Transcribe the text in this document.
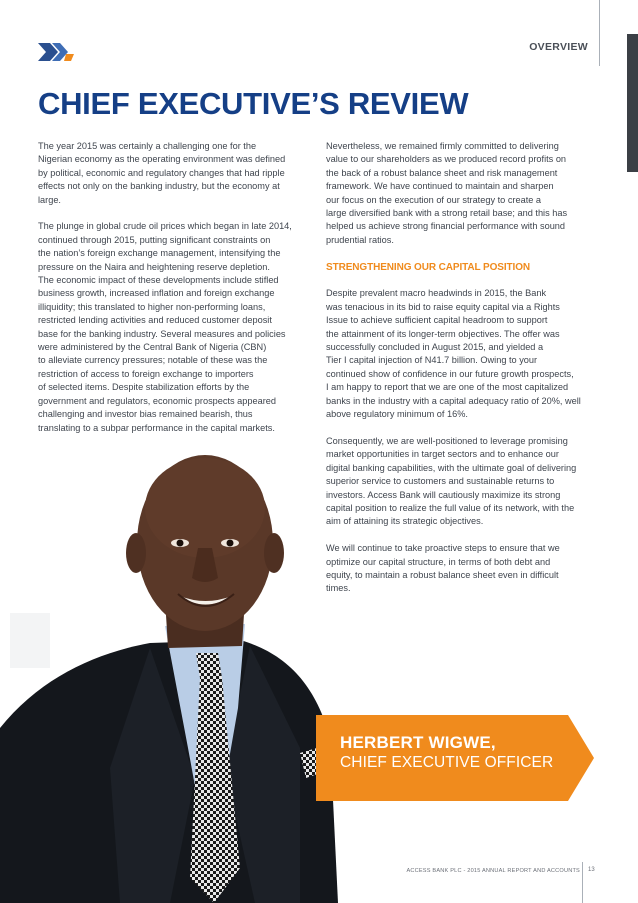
OVERVIEW
CHIEF EXECUTIVE’S REVIEW

The year 2015 was certainly a challenging one for the

Nigerian economy as the operating environment was defined

by political, economic and regulatory changes that had ripple

effects not only on the banking industry, but the economy at

large.

The plunge in global crude oil prices which began in late 2014,

continued through 2015, putting significant constraints on

the nation’s foreign exchange management, intensifying the

pressure on the Naira and heightening reserve depletion.

The economic impact of these developments include stifled

business growth, increased inflation and foreign exchange

illiquidity; this translated to higher non-performing loans,

restricted lending activities and reduced customer deposit

base for the banking industry. Several measures and policies

were administered by the Central Bank of Nigeria (CBN)

to alleviate currency pressures; notable of these was the

restriction of access to foreign exchange to importers

of selected items. Despite stabilization efforts by the

government and regulators, economic prospects appeared

challenging and investor bias remained bearish, thus

translating to a subpar performance in the capital markets.

Nevertheless, we remained firmly committed to delivering

value to our shareholders as we produced record profits on

the back of a robust balance sheet and risk management

framework. We have continued to maintain and sharpen

our focus on the execution of our strategy to create a

large diversified bank with a strong retail base; and this has

helped us achieve strong financial performance with sound

prudential ratios.

STRENGTHENING OUR CAPITAL POSITION

Despite prevalent macro headwinds in 2015, the Bank

was tenacious in its bid to raise equity capital via a Rights

Issue to achieve sufficient capital headroom to support

the attainment of its longer-term objectives. The offer was

successfully concluded in August 2015, and yielded a

Tier I capital injection of N41.7 billion. Owing to your

continued show of confidence in our future growth prospects,

I am happy to report that we are one of the most capitalized

banks in the industry with a capital adequacy ratio of 20%, well

above regulatory minimum of 16%.

Consequently, we are well-positioned to leverage promising

market opportunities in target sectors and to enhance our

digital banking capabilities, with the ultimate goal of delivering

superior service to customers and sustainable returns to

investors. Access Bank will cautiously maximize its strong

capital position to realize the full value of its network, with the

aim of attaining its strategic objectives.

We will continue to take proactive steps to ensure that we

optimize our capital structure, in terms of both debt and

equity, to maintain a robust balance sheet even in difficult

times.

HERBERT WIGWE,
CHIEF EXECUTIVE OFFICER
ACCESS BANK PLC - 2015 ANNUAL REPORT AND ACCOUNTS 13
